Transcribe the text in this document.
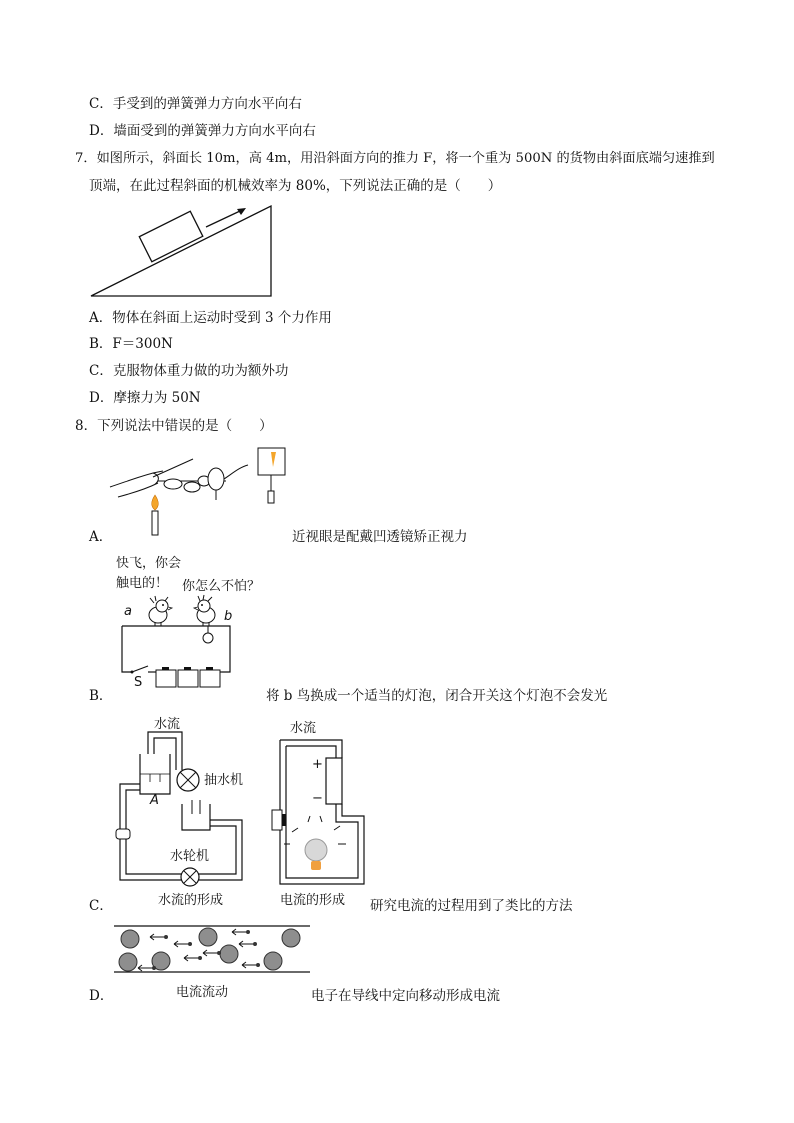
C．手受到的弹簧弹力方向水平向右
D．墙面受到的弹簧弹力方向水平向右
7．如图所示，斜面长 10m，高 4m，用沿斜面方向的推力 F，将一个重为 500N 的货物由斜面底端匀速推到
顶端，在此过程斜面的机械效率为 80%，下列说法正确的是（　　）
A．物体在斜面上运动时受到 3 个力作用
B．F＝300N
C．克服物体重力做的功为额外功
D．摩擦力为 50N
8．下列说法中错误的是（　　）
A．	近视眼是配戴凹透镜矫正视力
快飞，你会
触电的！ 你怎么不怕？
a	b
S
B．	将 b 鸟换成一个适当的灯泡，闭合开关这个灯泡不会发光
水流
A
抽水机
水轮机
水流的形成
水流
+
−
电流的形成
C．	研究电流的过程用到了类比的方法
电流流动
D．	电子在导线中定向移动形成电流
